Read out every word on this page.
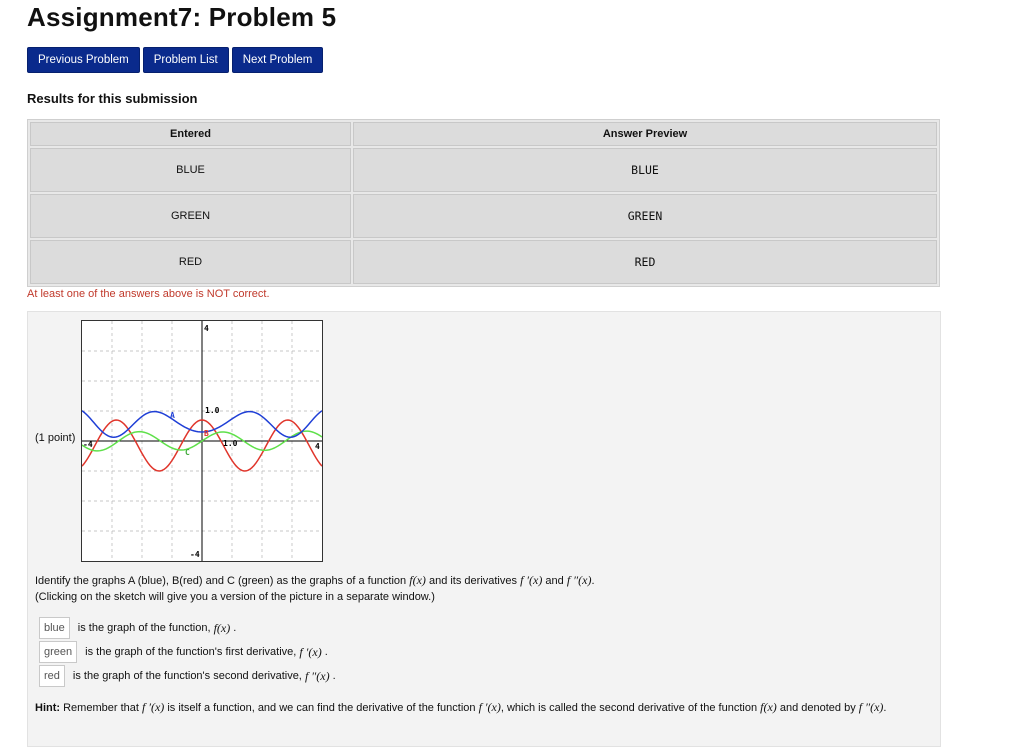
Assignment7: Problem 5
Previous Problem	Problem List	Next Problem
Results for this submission
Entered	Answer Preview
BLUE	BLUE
GREEN	GREEN
RED	RED
At least one of the answers above is NOT correct.
(1 point)
4
-4
-4	4
1.0
1.0
A
B
C
Identify the graphs A (blue), B(red) and C (green) as the graphs of a function f(x) and its derivatives f ′(x) and f ″(x).
(Clicking on the sketch will give you a version of the picture in a separate window.)
blue	is the graph of the function,
f(x) .
green	is the graph of the function's first derivative,
f ′(x) .
red	is the graph of the function's second derivative,
f ″(x) .
Hint: Remember that f ′(x) is itself a function, and we can find the derivative of the function f ′(x), which is called the second derivative of the function f(x) and denoted by f ″(x).
